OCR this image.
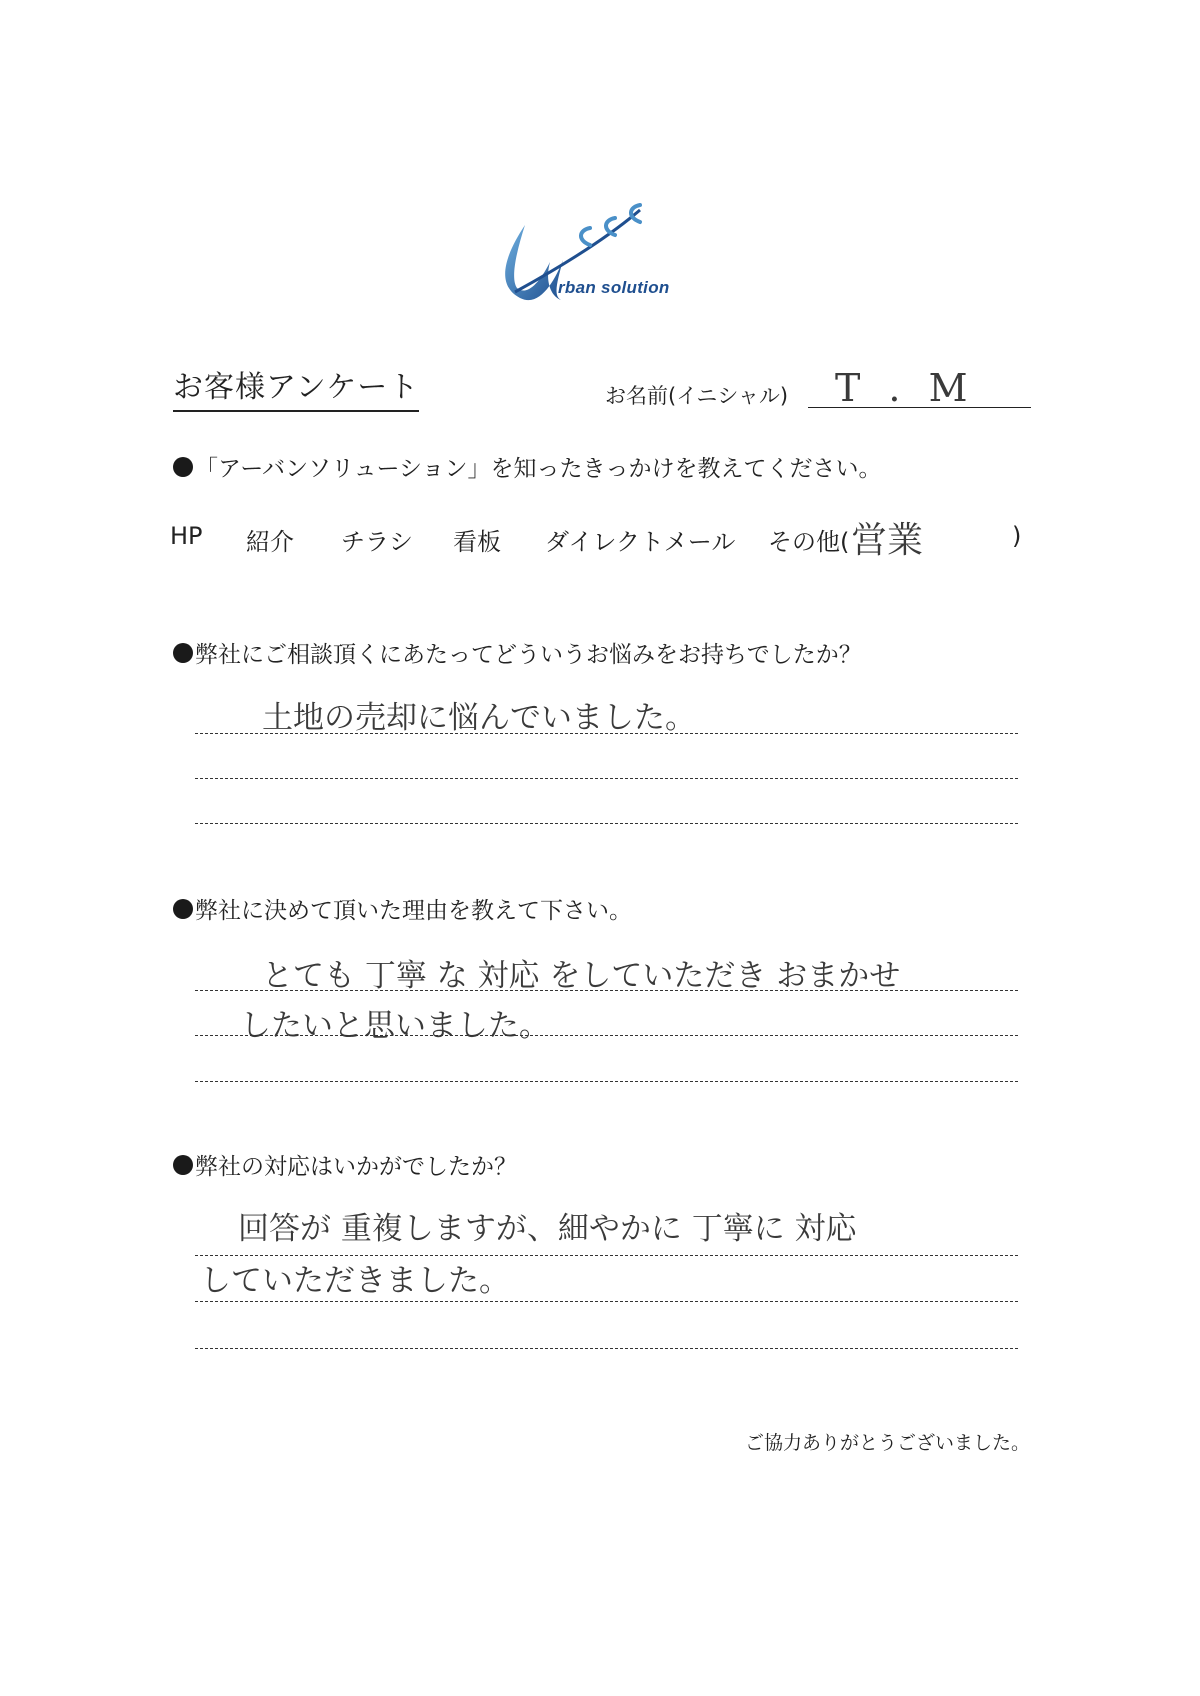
rban solution
お客様アンケート	お名前(イニシャル) T . M
「アーバンソリューション」を知ったきっかけを教えてください。
HP 紹介 チラシ 看板 ダイレクトメール その他( 営業	)
弊社にご相談頂くにあたってどういうお悩みをお持ちでしたか？
土地の売却に悩んでいました。
弊社に決めて頂いた理由を教えて下さい。
とても 丁寧 な 対応 をしていただき おまかせ
したいと思いました。
弊社の対応はいかがでしたか？
回答が 重複しますが、細やかに 丁寧に 対応
していただきました。
ご協力ありがとうございました。
